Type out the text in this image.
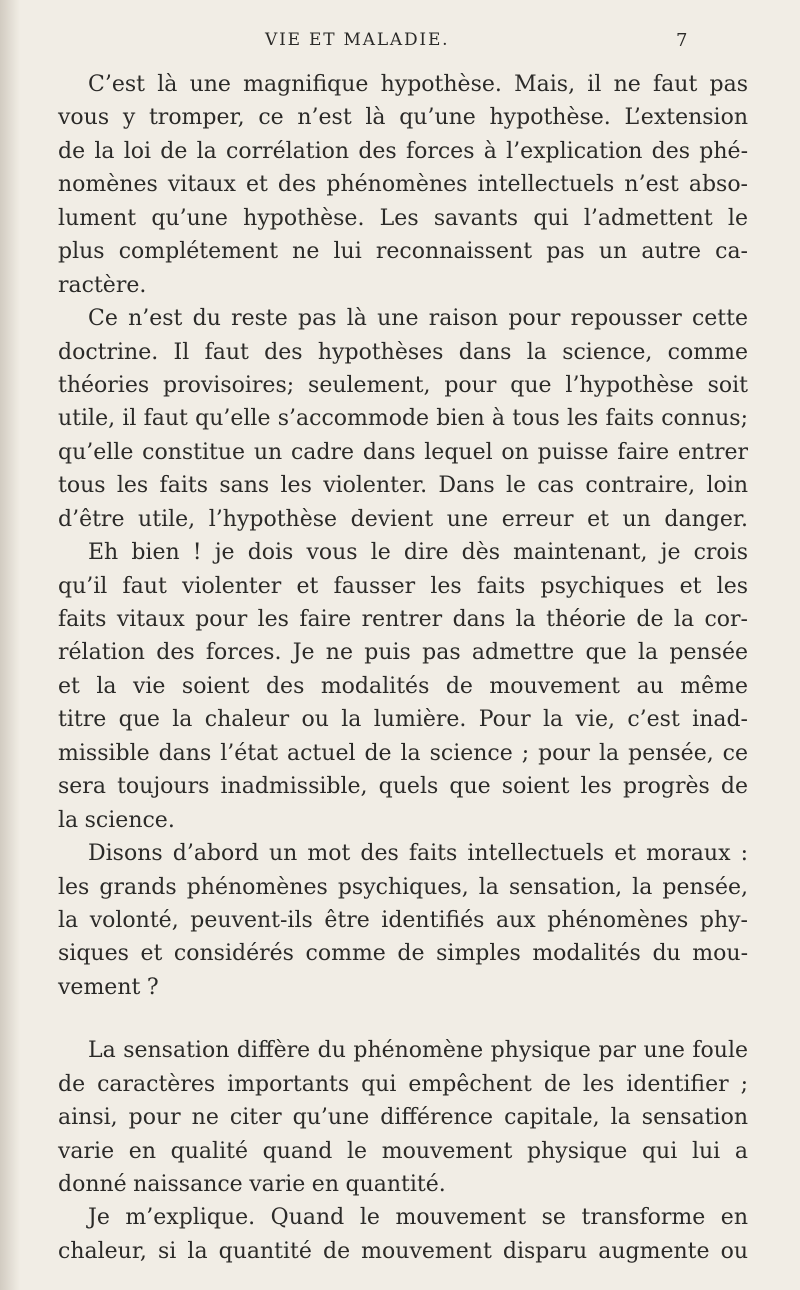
VIE ET MALADIE.	7
C’est là une magnifique hypothèse. Mais, il ne faut pas
vous y tromper, ce n’est là qu’une hypothèse. L’extension
de la loi de la corrélation des forces à l’explication des phé-
nomènes vitaux et des phénomènes intellectuels n’est abso-
lument qu’une hypothèse. Les savants qui l’admettent le
plus complétement ne lui reconnaissent pas un autre ca-
ractère.
Ce n’est du reste pas là une raison pour repousser cette
doctrine. Il faut des hypothèses dans la science, comme
théories provisoires; seulement, pour que l’hypothèse soit
utile, il faut qu’elle s’accommode bien à tous les faits connus;
qu’elle constitue un cadre dans lequel on puisse faire entrer
tous les faits sans les violenter. Dans le cas contraire, loin
d’être utile, l’hypothèse devient une erreur et un danger.
Eh bien ! je dois vous le dire dès maintenant, je crois
qu’il faut violenter et fausser les faits psychiques et les
faits vitaux pour les faire rentrer dans la théorie de la cor-
rélation des forces. Je ne puis pas admettre que la pensée
et la vie soient des modalités de mouvement au même
titre que la chaleur ou la lumière. Pour la vie, c’est inad-
missible dans l’état actuel de la science ; pour la pensée, ce
sera toujours inadmissible, quels que soient les progrès de
la science.
Disons d’abord un mot des faits intellectuels et moraux :
les grands phénomènes psychiques, la sensation, la pensée,
la volonté, peuvent-ils être identifiés aux phénomènes phy-
siques et considérés comme de simples modalités du mou-
vement ?
La sensation diffère du phénomène physique par une foule
de caractères importants qui empêchent de les identifier ;
ainsi, pour ne citer qu’une différence capitale, la sensation
varie en qualité quand le mouvement physique qui lui a
donné naissance varie en quantité.
Je m’explique. Quand le mouvement se transforme en
chaleur, si la quantité de mouvement disparu augmente ou
